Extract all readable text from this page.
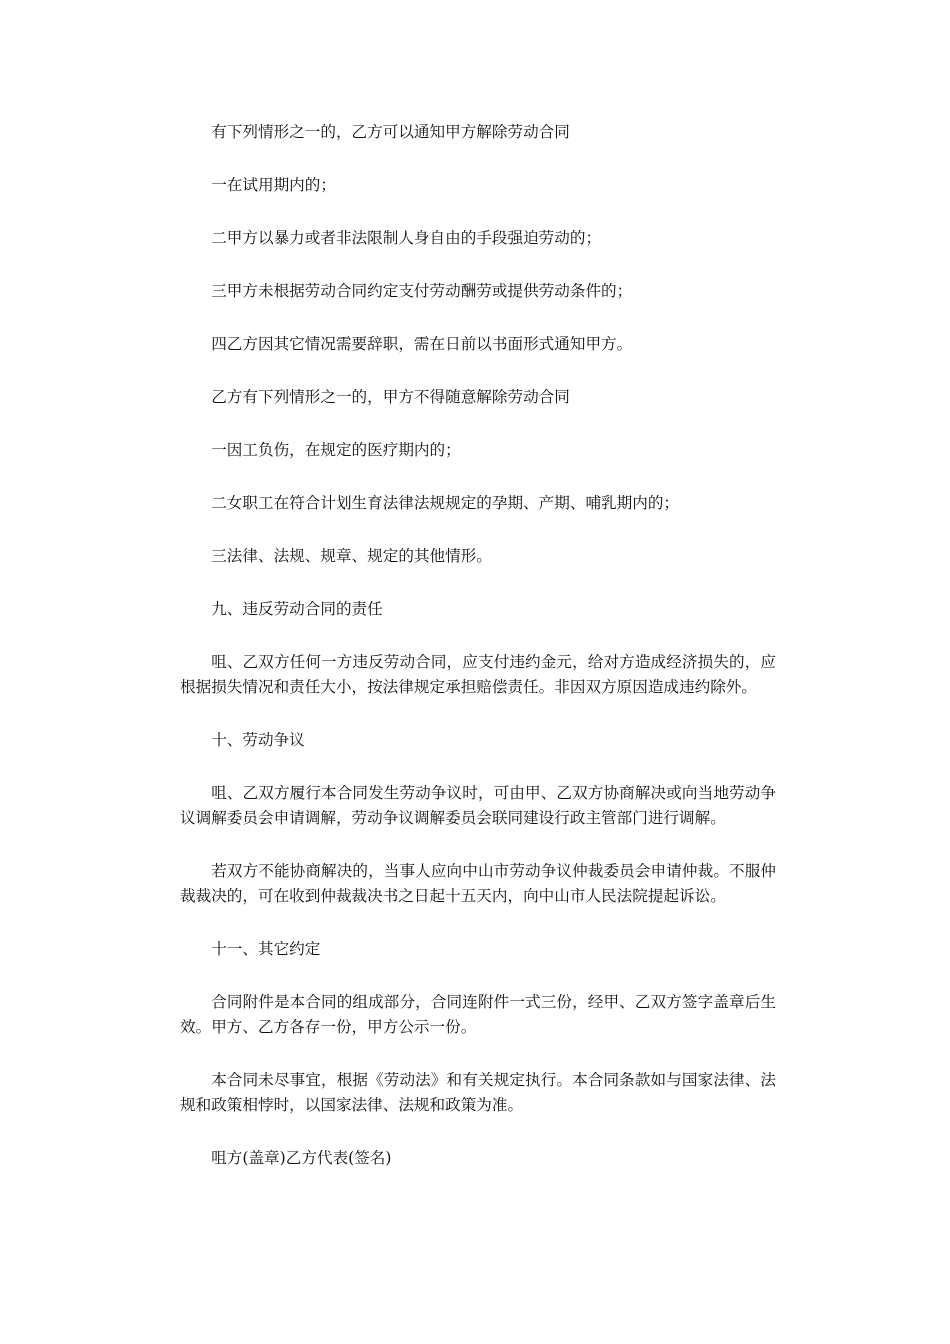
有下列情形之一的，乙方可以通知甲方解除劳动合同

一在试用期内的；

二甲方以暴力或者非法限制人身自由的手段强迫劳动的；

三甲方未根据劳动合同约定支付劳动酬劳或提供劳动条件的；

四乙方因其它情况需要辞职，需在日前以书面形式通知甲方。

乙方有下列情形之一的，甲方不得随意解除劳动合同

一因工负伤，在规定的医疗期内的；

二女职工在符合计划生育法律法规规定的孕期、产期、哺乳期内的；

三法律、法规、规章、规定的其他情形。

九、违反劳动合同的责任

咀、乙双方任何一方违反劳动合同，应支付违约金元，给对方造成经济损失的，应根据损失情况和责任大小，按法律规定承担赔偿责任。非因双方原因造成违约除外。

十、劳动争议

咀、乙双方履行本合同发生劳动争议时，可由甲、乙双方协商解决或向当地劳动争议调解委员会申请调解，劳动争议调解委员会联同建设行政主管部门进行调解。

若双方不能协商解决的，当事人应向中山市劳动争议仲裁委员会申请仲裁。不服仲裁裁决的，可在收到仲裁裁决书之日起十五天内，向中山市人民法院提起诉讼。

十一、其它约定

合同附件是本合同的组成部分，合同连附件一式三份，经甲、乙双方签字盖章后生效。甲方、乙方各存一份，甲方公示一份。

本合同未尽事宜，根据《劳动法》和有关规定执行。本合同条款如与国家法律、法规和政策相悖时，以国家法律、法规和政策为准。

咀方(盖章)乙方代表(签名)
